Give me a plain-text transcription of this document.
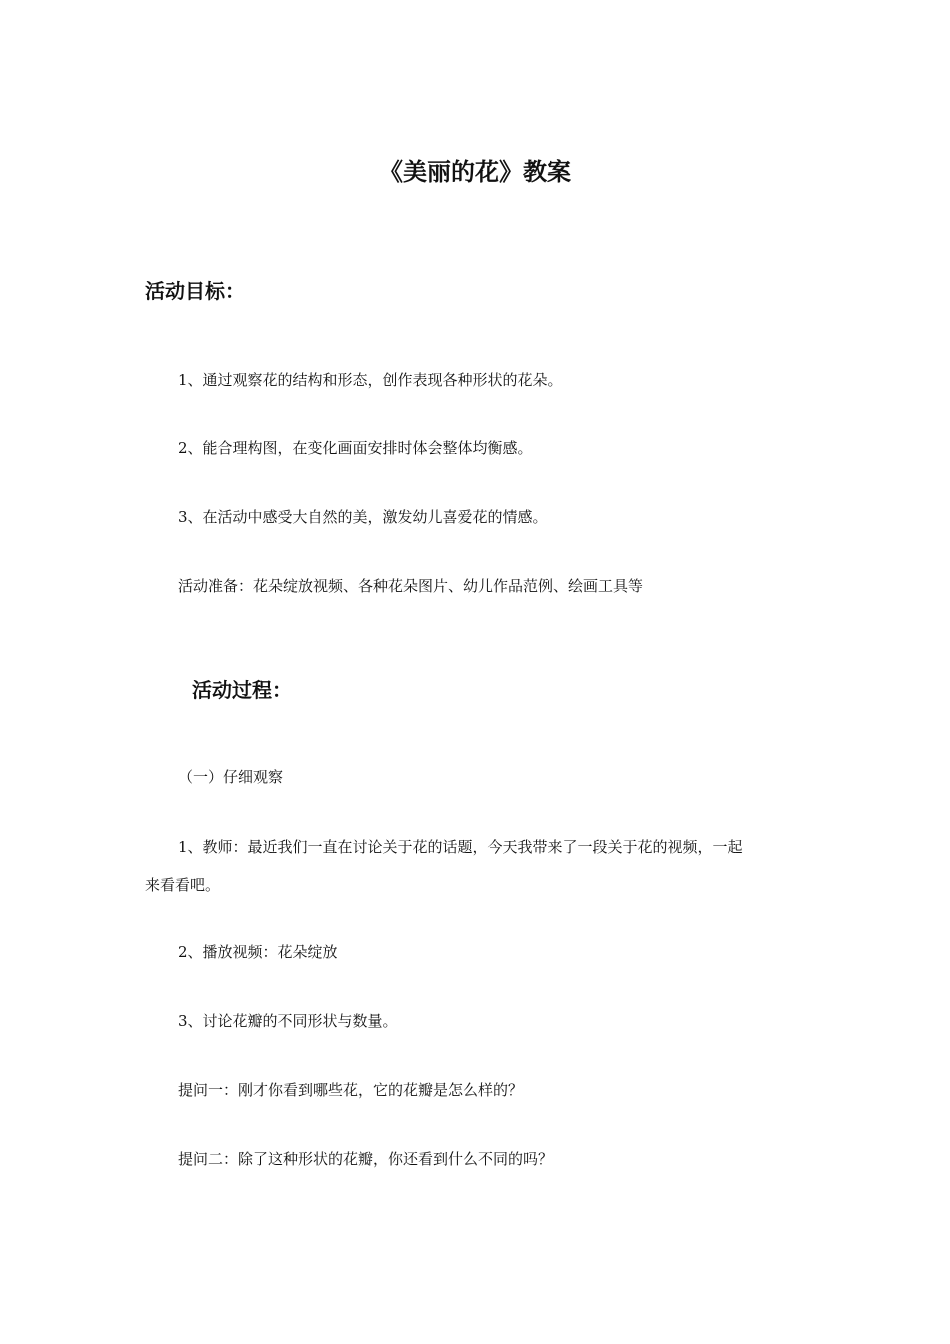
《美丽的花》教案
活动目标：
1、通过观察花的结构和形态，创作表现各种形状的花朵。
2、能合理构图，在变化画面安排时体会整体均衡感。
3、在活动中感受大自然的美，激发幼儿喜爱花的情感。
活动准备：花朵绽放视频、各种花朵图片、幼儿作品范例、绘画工具等
活动过程：
（一）仔细观察
1、教师：最近我们一直在讨论关于花的话题，今天我带来了一段关于花的视频，一起
来看看吧。
2、播放视频：花朵绽放
3、讨论花瓣的不同形状与数量。
提问一：刚才你看到哪些花，它的花瓣是怎么样的？
提问二：除了这种形状的花瓣，你还看到什么不同的吗？
